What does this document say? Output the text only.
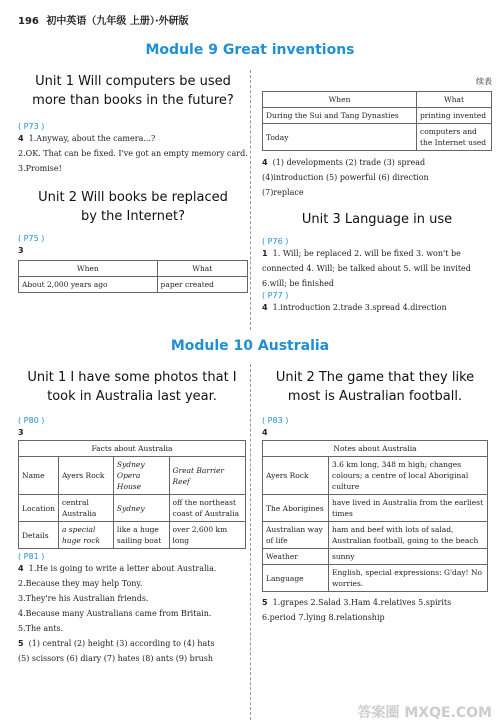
196 初中英语（九年级 上册）·外研版
Module 9 Great inventions
Unit 1 Will computers be used
more than books in the future?
( P73 )
4 1.Anyway, about the camera...?
2.OK. That can be fixed. I've got an empty memory card.
3.Promise!
Unit 2 Will books be replaced
by the Internet?
( P75 )
3
When	What
About 2,000 years ago	paper created
续表
When	What
During the Sui and Tang Dynasties	printing invented
Today	computers and the Internet used
4 (1) developments (2) trade (3) spread
(4)introduction (5) powerful (6) direction
(7)replace
Unit 3 Language in use
( P76 )
1 1. Will; be replaced 2. will be fixed 3. won't be
connected 4. Will; be talked about 5. will be invited
6.will; be finished
( P77 )
4 1.introduction 2.trade 3.spread 4.direction
Module 10 Australia
Unit 1 I have some photos that I
took in Australia last year.
( P80 )
3
Facts about Australia			
Name	Ayers Rock	Sydney Opera House	Great Barrier Reef
Location	central Australia	Sydney	off the northeast coast of Australia
Details	a special huge rock	like a huge sailing boat	over 2,600 km long
( P81 )
4 1.He is going to write a letter about Australia.
2.Because they may help Tony.
3.They're his Australian friends.
4.Because many Australians came from Britain.
5.The ants.
5 (1) central (2) height (3) according to (4) hats
(5) scissors (6) diary (7) hates (8) ants (9) brush
Unit 2 The game that they like
most is Australian football.
( P83 )
4
Notes about Australia	
Ayers Rock	3.6 km long, 348 m high; changes colours; a centre of local Aboriginal culture
The Aborigines	have lived in Australia from the earliest times
Australian way of life	ham and beef with lots of salad, Australian football, going to the beach
Weather	sunny
Language	English, special expressions: G'day! No worries.
5 1.grapes 2.Salad 3.Ham 4.relatives 5.spirits
6.period 7.lying 8.relationship
答案圈 MXQE.COM
